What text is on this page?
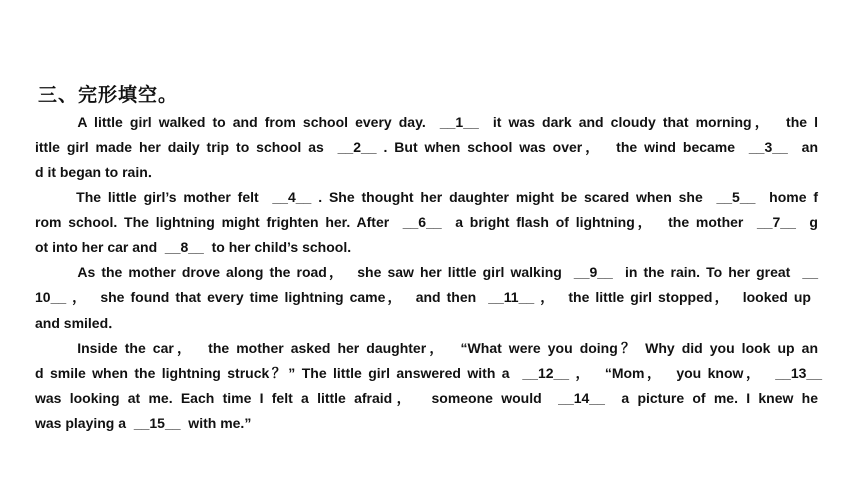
三、完形填空。
A little girl walked to and from school every day.  __1__  it was dark and cloudy that morning，  the l
ittle girl made her daily trip to school as  __2__ . But when school was over，  the wind became  __3__  an
d it began to rain．
The little girl’s mother felt  __4__ . She thought her daughter might be scared when she  __5__  home f
rom school. The lightning might frighten her. After  __6__  a bright flash of lightning，  the mother  __7__  g
ot into her car and  __8__  to her child’s school.
As the mother drove along the road，  she saw her little girl walking  __9__  in the rain. To her great  __
10__ ，  she found that every time lightning came，  and then  __11__ ，  the little girl stopped，  looked up
and smiled．
Inside the car，  the mother asked her daughter，  “What were you doing？ Why did you look up an
d smile when the lightning struck？” The little girl answered with a  __12__ ，  “Mom，  you know，  __13__
was looking at me. Each time I felt a little afraid，  someone would  __14__  a picture of me. I knew he
was playing a  __15__  with me.”
